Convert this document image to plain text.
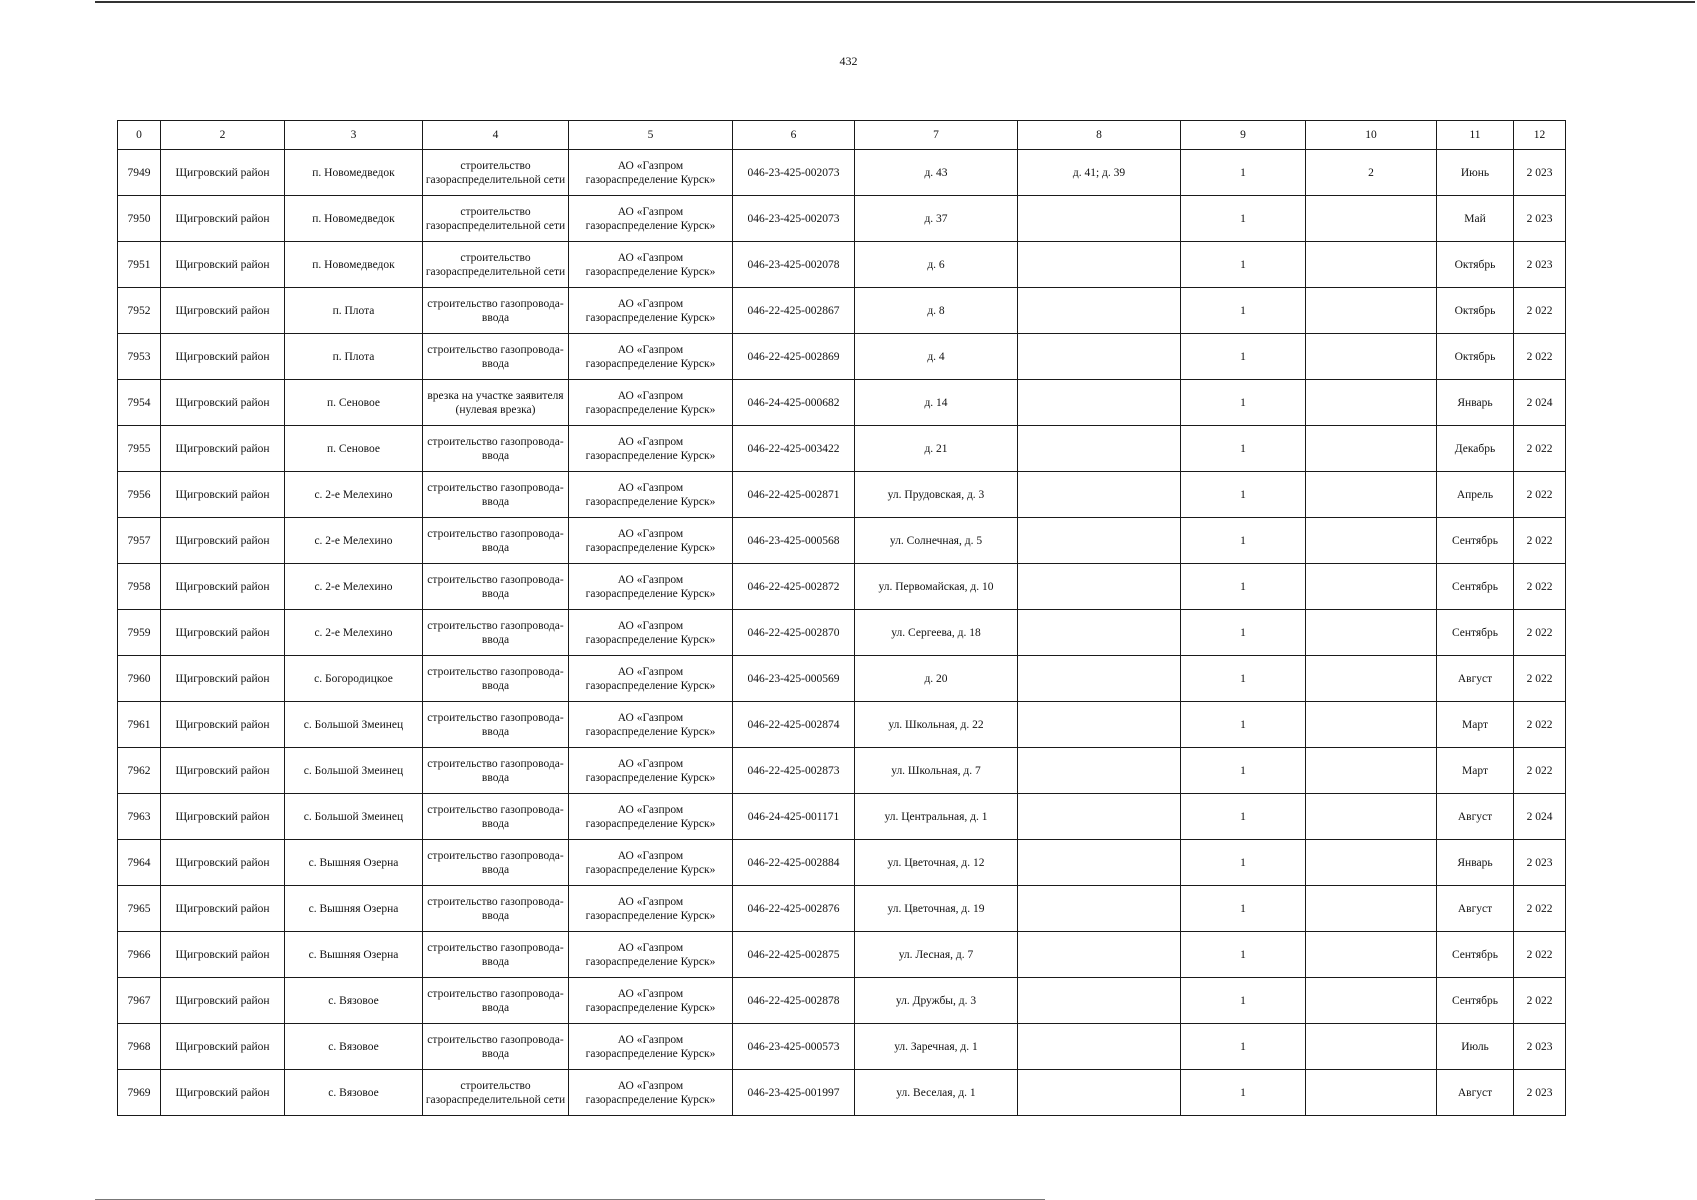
432
0	2	3	4	5	6	7	8	9	10	11	12
7949	Щигровский район	п. Новомедведок	строительство газораспределительной сети	АО «Газпром газораспределение Курск»	046-23-425-002073	д. 43	д. 41; д. 39	1	2	Июнь	2 023
7950	Щигровский район	п. Новомедведок	строительство газораспределительной сети	АО «Газпром газораспределение Курск»	046-23-425-002073	д. 37		1		Май	2 023
7951	Щигровский район	п. Новомедведок	строительство газораспределительной сети	АО «Газпром газораспределение Курск»	046-23-425-002078	д. 6		1		Октябрь	2 023
7952	Щигровский район	п. Плота	строительство газопровода-ввода	АО «Газпром газораспределение Курск»	046-22-425-002867	д. 8		1		Октябрь	2 022
7953	Щигровский район	п. Плота	строительство газопровода-ввода	АО «Газпром газораспределение Курск»	046-22-425-002869	д. 4		1		Октябрь	2 022
7954	Щигровский район	п. Сеновое	врезка на участке заявителя (нулевая врезка)	АО «Газпром газораспределение Курск»	046-24-425-000682	д. 14		1		Январь	2 024
7955	Щигровский район	п. Сеновое	строительство газопровода-ввода	АО «Газпром газораспределение Курск»	046-22-425-003422	д. 21		1		Декабрь	2 022
7956	Щигровский район	с. 2-е Мелехино	строительство газопровода-ввода	АО «Газпром газораспределение Курск»	046-22-425-002871	ул. Прудовская, д. 3		1		Апрель	2 022
7957	Щигровский район	с. 2-е Мелехино	строительство газопровода-ввода	АО «Газпром газораспределение Курск»	046-23-425-000568	ул. Солнечная, д. 5		1		Сентябрь	2 022
7958	Щигровский район	с. 2-е Мелехино	строительство газопровода-ввода	АО «Газпром газораспределение Курск»	046-22-425-002872	ул. Первомайская, д. 10		1		Сентябрь	2 022
7959	Щигровский район	с. 2-е Мелехино	строительство газопровода-ввода	АО «Газпром газораспределение Курск»	046-22-425-002870	ул. Сергеева, д. 18		1		Сентябрь	2 022
7960	Щигровский район	с. Богородицкое	строительство газопровода-ввода	АО «Газпром газораспределение Курск»	046-23-425-000569	д. 20		1		Август	2 022
7961	Щигровский район	с. Большой Змеинец	строительство газопровода-ввода	АО «Газпром газораспределение Курск»	046-22-425-002874	ул. Школьная, д. 22		1		Март	2 022
7962	Щигровский район	с. Большой Змеинец	строительство газопровода-ввода	АО «Газпром газораспределение Курск»	046-22-425-002873	ул. Школьная, д. 7		1		Март	2 022
7963	Щигровский район	с. Большой Змеинец	строительство газопровода-ввода	АО «Газпром газораспределение Курск»	046-24-425-001171	ул. Центральная, д. 1		1		Август	2 024
7964	Щигровский район	с. Вышняя Озерна	строительство газопровода-ввода	АО «Газпром газораспределение Курск»	046-22-425-002884	ул. Цветочная, д. 12		1		Январь	2 023
7965	Щигровский район	с. Вышняя Озерна	строительство газопровода-ввода	АО «Газпром газораспределение Курск»	046-22-425-002876	ул. Цветочная, д. 19		1		Август	2 022
7966	Щигровский район	с. Вышняя Озерна	строительство газопровода-ввода	АО «Газпром газораспределение Курск»	046-22-425-002875	ул. Лесная, д. 7		1		Сентябрь	2 022
7967	Щигровский район	с. Вязовое	строительство газопровода-ввода	АО «Газпром газораспределение Курск»	046-22-425-002878	ул. Дружбы, д. 3		1		Сентябрь	2 022
7968	Щигровский район	с. Вязовое	строительство газопровода-ввода	АО «Газпром газораспределение Курск»	046-23-425-000573	ул. Заречная, д. 1		1		Июль	2 023
7969	Щигровский район	с. Вязовое	строительство газораспределительной сети	АО «Газпром газораспределение Курск»	046-23-425-001997	ул. Веселая, д. 1		1		Август	2 023
